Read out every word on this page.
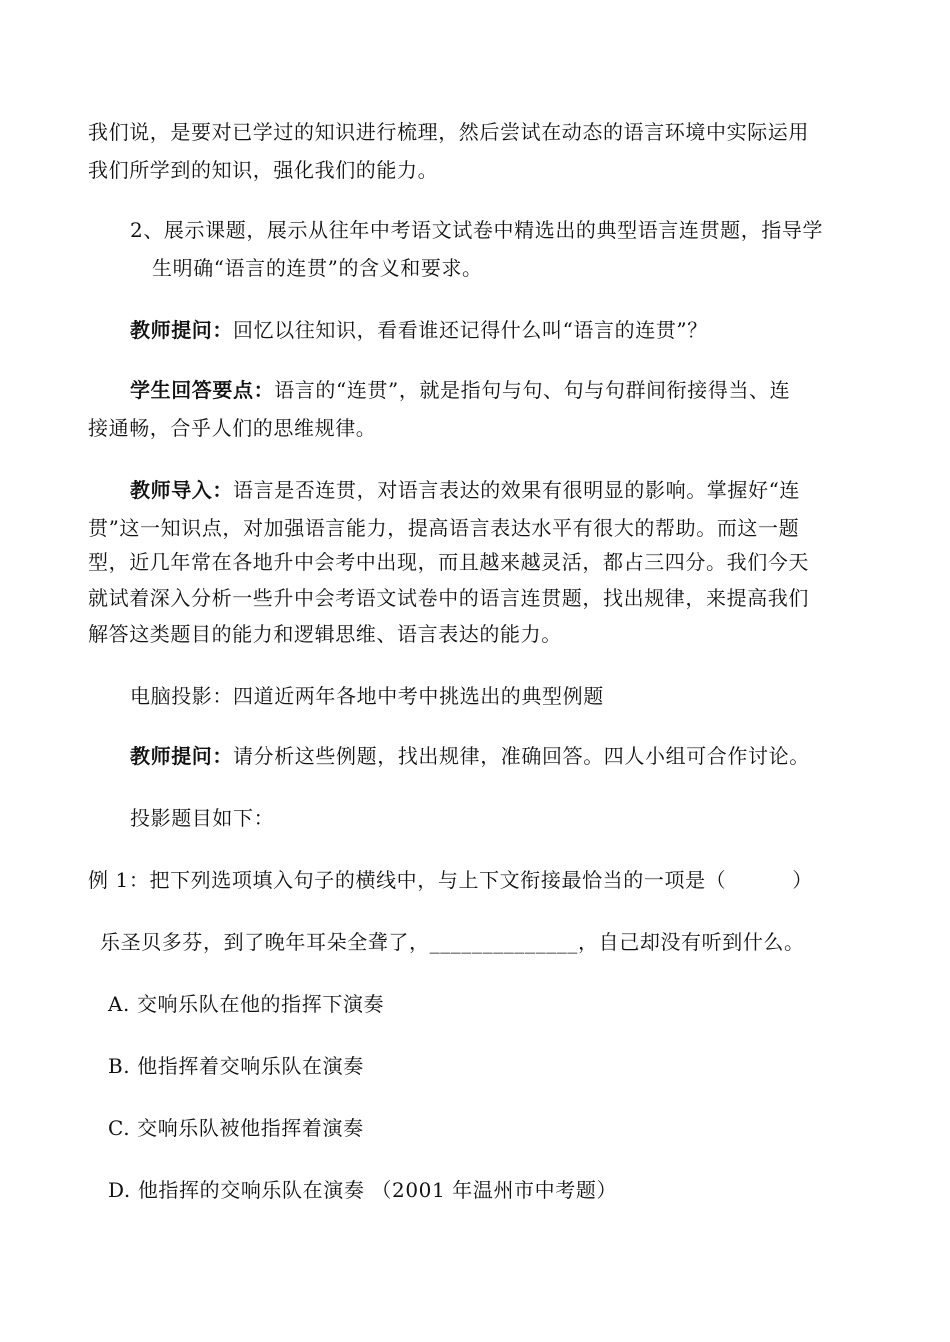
我们说，是要对已学过的知识进行梳理，然后尝试在动态的语言环境中实际运用
我们所学到的知识，强化我们的能力。
2、展示课题，展示从往年中考语文试卷中精选出的典型语言连贯题，指导学
生明确“语言的连贯”的含义和要求。
教师提问：回忆以往知识，看看谁还记得什么叫“语言的连贯”？
学生回答要点：语言的“连贯”，就是指句与句、句与句群间衔接得当、连
接通畅，合乎人们的思维规律。
教师导入：语言是否连贯，对语言表达的效果有很明显的影响。掌握好“连
贯”这一知识点，对加强语言能力，提高语言表达水平有很大的帮助。而这一题
型，近几年常在各地升中会考中出现，而且越来越灵活，都占三四分。我们今天
就试着深入分析一些升中会考语文试卷中的语言连贯题，找出规律，来提高我们
解答这类题目的能力和逻辑思维、语言表达的能力。
电脑投影：四道近两年各地中考中挑选出的典型例题
教师提问：请分析这些例题，找出规律，准确回答。四人小组可合作讨论。
投影题目如下：
例 1：把下列选项填入句子的横线中，与上下文衔接最恰当的一项是（	）
乐圣贝多芬，到了晚年耳朵全聋了，______________，自己却没有听到什么。
A. 交响乐队在他的指挥下演奏
B. 他指挥着交响乐队在演奏
C. 交响乐队被他指挥着演奏
D. 他指挥的交响乐队在演奏 （2001 年温州市中考题）
